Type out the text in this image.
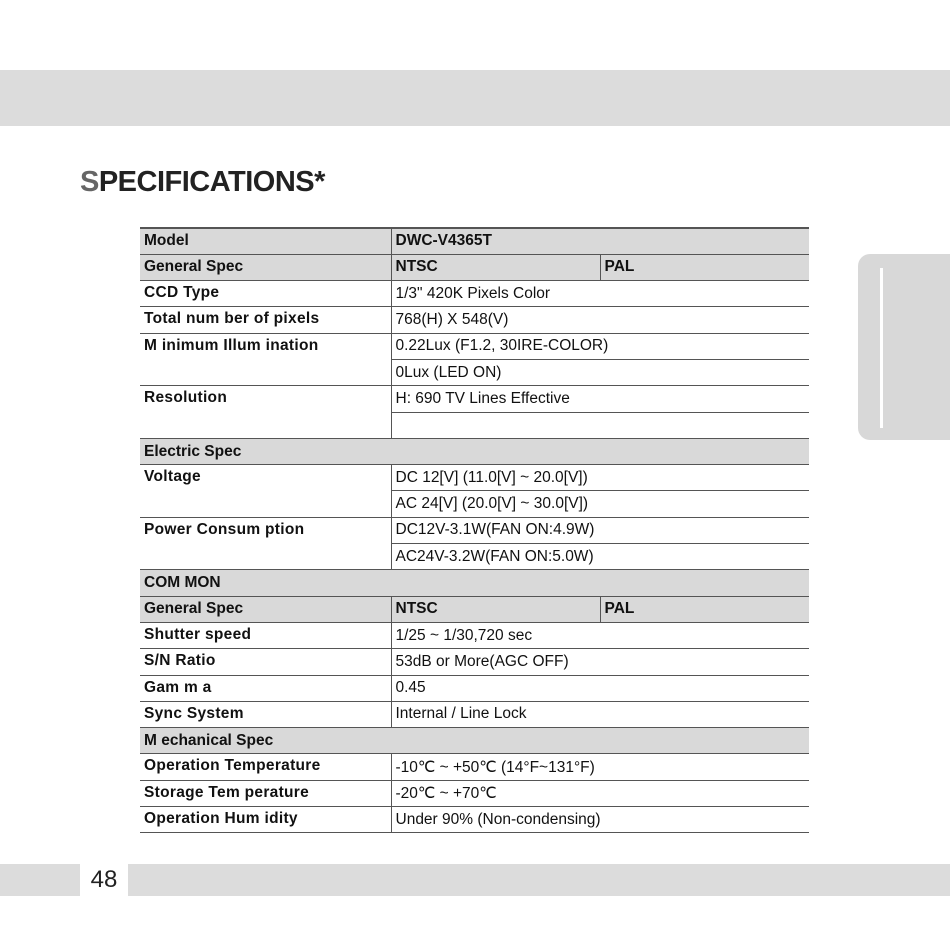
SPECIFICATIONS*
Model	DWC-V4365T	
General Spec	NTSC	PAL
CCD Type	1/3" 420K Pixels Color	
Total num ber of pixels	768(H) X 548(V)	
M inimum Illum ination	0.22Lux (F1.2, 30IRE-COLOR)	
	0Lux (LED ON)	
Resolution	H: 690 TV Lines Effective	

Electric Spec		
Voltage	DC 12[V] (11.0[V] ~ 20.0[V])	
	AC 24[V] (20.0[V] ~ 30.0[V])	
Power Consum ption	DC12V-3.1W(FAN ON:4.9W)	
	AC24V-3.2W(FAN ON:5.0W)	
COM MON		
General Spec	NTSC	PAL
Shutter speed	1/25 ~ 1/30,720 sec	
S/N Ratio	53dB or More(AGC OFF)	
Gam m a	0.45	
Sync System	Internal / Line Lock	
M echanical Spec		
Operation Temperature	-10℃ ~ +50℃ (14°F~131°F)	
Storage Tem perature	-20℃ ~ +70℃	
Operation Hum idity	Under 90% (Non-condensing)	
48
